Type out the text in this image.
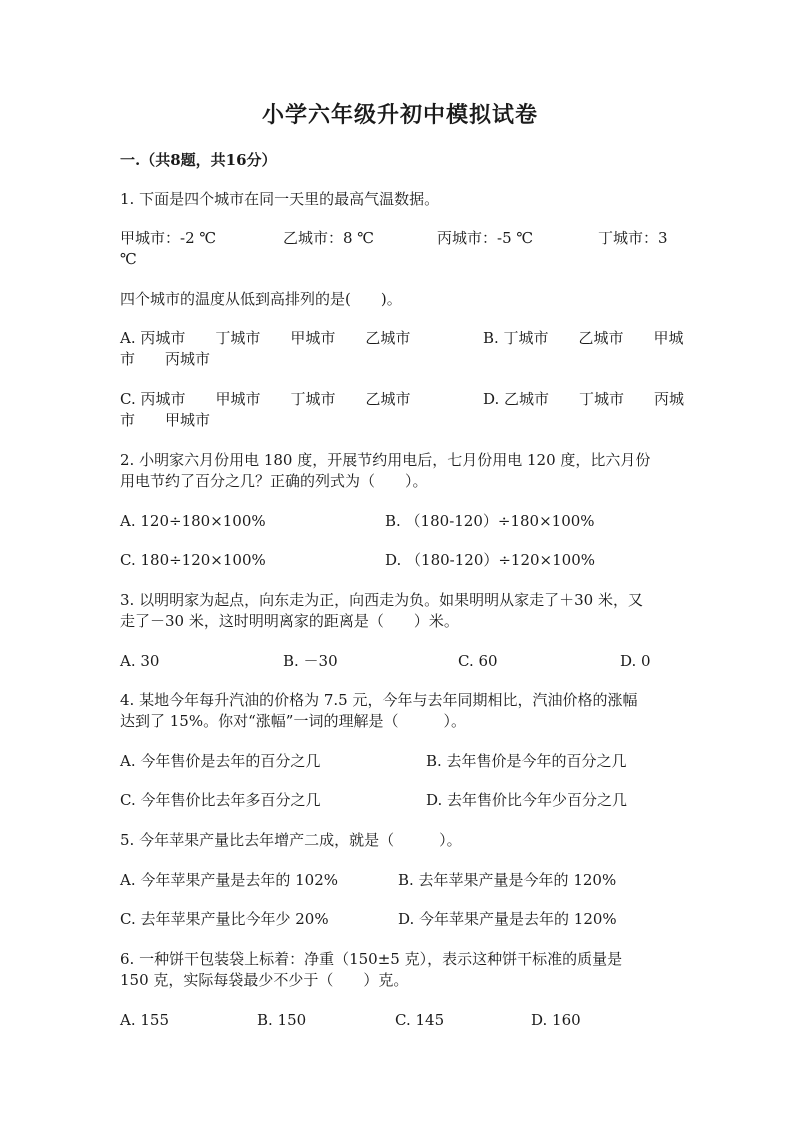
小学六年级升初中模拟试卷
一.（共8题，共16分）
1. 下面是四个城市在同一天里的最高气温数据。
甲城市：-2 ℃	乙城市：8 ℃	丙城市：-5 ℃	丁城市：3
℃
四个城市的温度从低到高排列的是(　　)。
A. 丙城市　　丁城市　　甲城市　　乙城市	B. 丁城市　　乙城市　　甲城
市　　丙城市
C. 丙城市　　甲城市　　丁城市　　乙城市	D. 乙城市　　丁城市　　丙城
市　　甲城市
2. 小明家六月份用电 180 度，开展节约用电后，七月份用电 120 度，比六月份
用电节约了百分之几？正确的列式为（　　）。
A. 120÷180×100%	B. （180-120）÷180×100%
C. 180÷120×100%	D. （180-120）÷120×100%
3. 以明明家为起点，向东走为正，向西走为负。如果明明从家走了＋30 米，又
走了－30 米，这时明明离家的距离是（　　）米。
A. 30	B. －30	C. 60	D. 0
4. 某地今年每升汽油的价格为 7.5 元，今年与去年同期相比，汽油价格的涨幅
达到了 15%。你对“涨幅”一词的理解是（　　　）。
A. 今年售价是去年的百分之几	B. 去年售价是今年的百分之几
C. 今年售价比去年多百分之几	D. 去年售价比今年少百分之几
5. 今年苹果产量比去年增产二成，就是（　　　）。
A. 今年苹果产量是去年的 102%	B. 去年苹果产量是今年的 120%
C. 去年苹果产量比今年少 20%	D. 今年苹果产量是去年的 120%
6. 一种饼干包装袋上标着：净重（150±5 克），表示这种饼干标准的质量是
150 克，实际每袋最少不少于（　　）克。
A. 155	B. 150	C. 145	D. 160
